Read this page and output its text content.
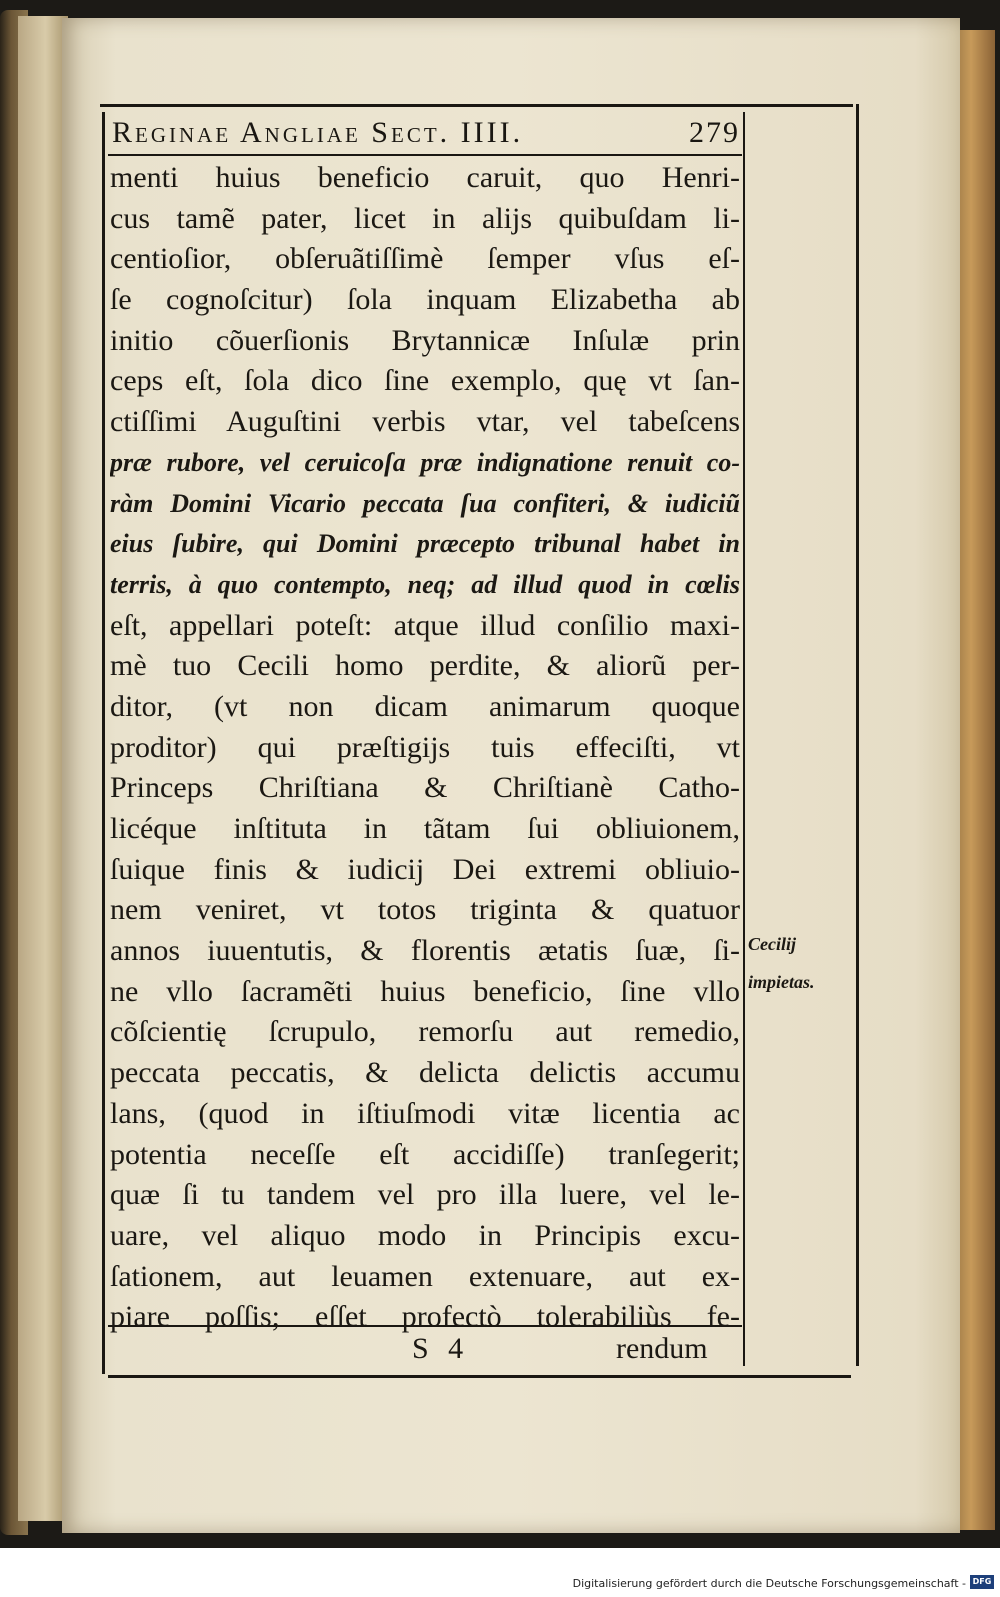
Reginae Angliae Sect. IIII.	279
menti huius beneficio caruit, quo Henri-
cus tamẽ pater, licet in alijs quibuſdam li-
centioſior, obſeruãtiſſimè ſemper vſus eſ-
ſe cognoſcitur) ſola inquam Elizabetha ab
initio cõuerſionis Brytannicæ Inſulæ prin
ceps eſt, ſola dico ſine exemplo, quę vt ſan-
ctiſſimi Auguſtini verbis vtar, vel tabeſcens
præ rubore, vel ceruicoſa præ indignatione renuit co-
ràm Domini Vicario peccata ſua confiteri, & iudiciũ
eius ſubire, qui Domini præcepto tribunal habet in
terris, à quo contempto, neq; ad illud quod in cœlis
eſt, appellari poteſt: atque illud conſilio maxi-
mè tuo Cecili homo perdite, & aliorũ per-
ditor, (vt non dicam animarum quoque
proditor) qui præſtigijs tuis effeciſti, vt
Princeps Chriſtiana & Chriſtianè Catho-
licéque inſtituta in tãtam ſui obliuionem,
ſuique finis & iudicij Dei extremi obliuio-
nem veniret, vt totos triginta & quatuor
annos iuuentutis, & florentis ætatis ſuæ, ſi-
ne vllo ſacramẽti huius beneficio, ſine vllo
cõſcientię ſcrupulo, remorſu aut remedio,
peccata peccatis, & delicta delictis accumu
lans, (quod in iſtiuſmodi vitæ licentia ac
potentia neceſſe eſt accidiſſe) tranſegerit;
quæ ſi tu tandem vel pro illa luere, vel le-
uare, vel aliquo modo in Principis excu-
ſationem, aut leuamen extenuare, aut ex-
piare poſſis; eſſet profectò tolerabiliùs fe-
Cecilij
impietas.
S 4	rendum
Digitalisierung gefördert durch die Deutsche Forschungsgemeinschaft - DFG
